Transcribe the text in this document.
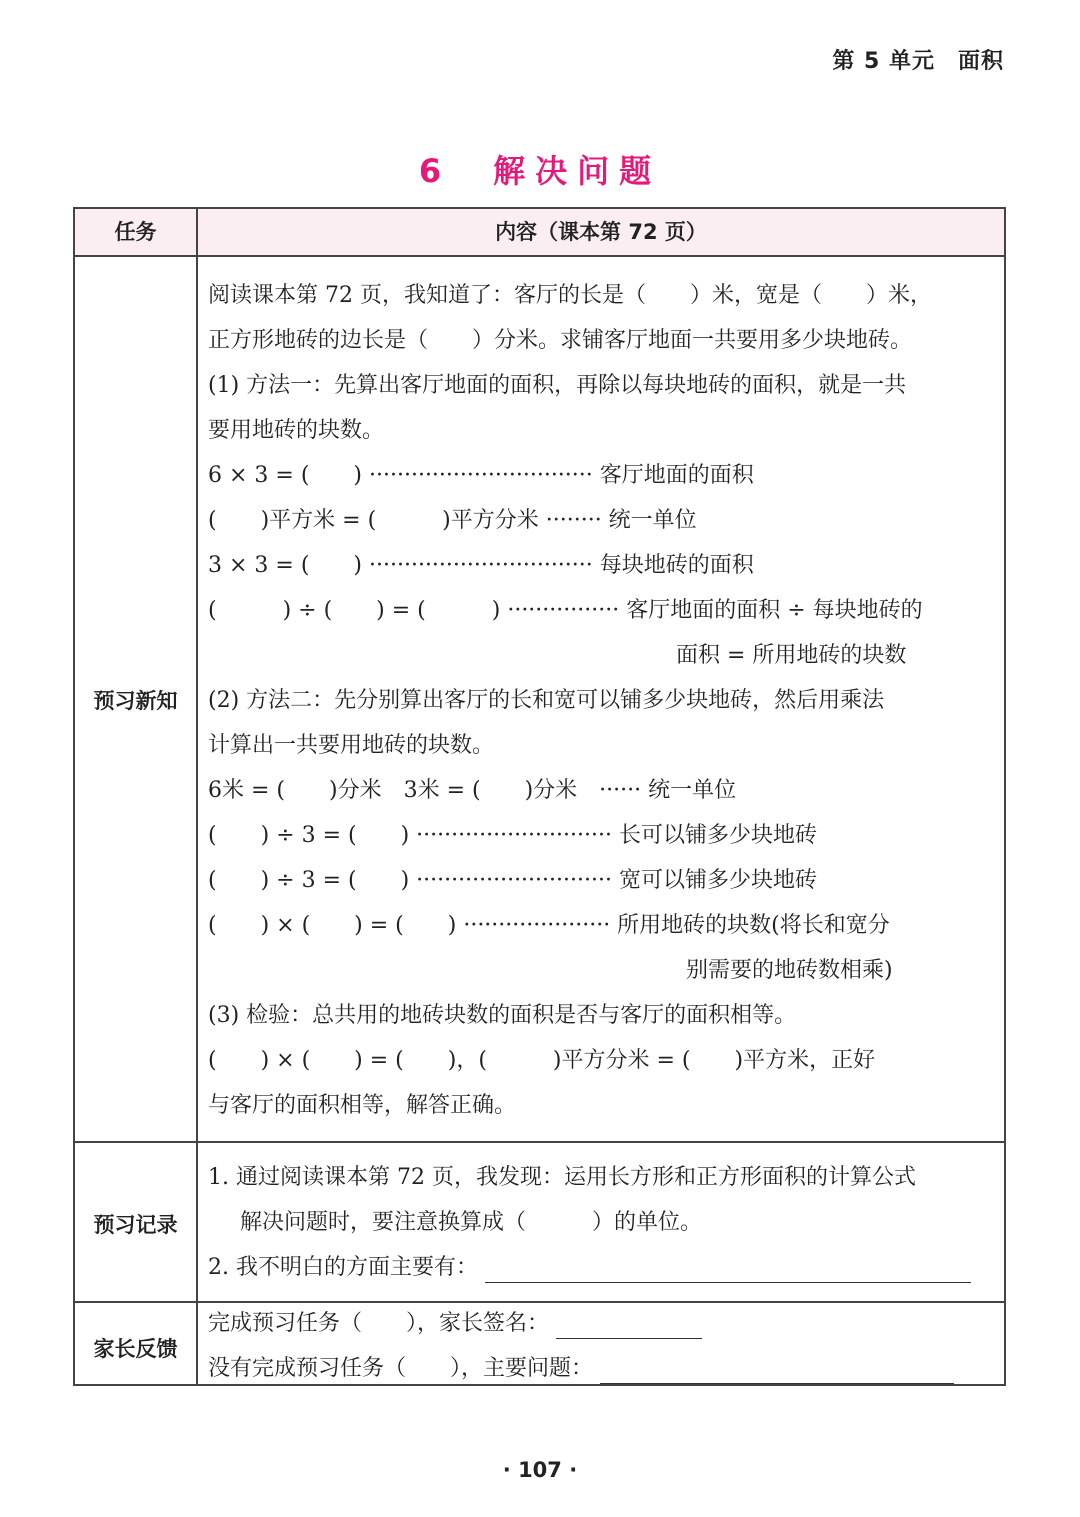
第 5 单元　面积
6　解决问题
任务	内容（课本第 72 页）
预习新知
预习记录
家长反馈
阅读课本第 72 页，我知道了：客厅的长是（　　）米，宽是（　　）米，
正方形地砖的边长是（　　）分米。求铺客厅地面一共要用多少块地砖。
(1) 方法一：先算出客厅地面的面积，再除以每块地砖的面积，就是一共
要用地砖的块数。
6 × 3 = (　　) ································ 客厅地面的面积
(　　)平方米 = (　　　)平方分米 ········ 统一单位
3 × 3 = (　　) ································ 每块地砖的面积
(　　　) ÷ (　　) = (　　　) ················ 客厅地面的面积 ÷ 每块地砖的
面积 = 所用地砖的块数
(2) 方法二：先分别算出客厅的长和宽可以铺多少块地砖，然后用乘法
计算出一共要用地砖的块数。
6米 = (　　)分米　3米 = (　　)分米　······ 统一单位
(　　) ÷ 3 = (　　) ···························· 长可以铺多少块地砖
(　　) ÷ 3 = (　　) ···························· 宽可以铺多少块地砖
(　　) × (　　) = (　　) ····················· 所用地砖的块数(将长和宽分
别需要的地砖数相乘)
(3) 检验：总共用的地砖块数的面积是否与客厅的面积相等。
(　　) × (　　) = (　　)，(　　　)平方分米 = (　　)平方米，正好
与客厅的面积相等，解答正确。
1. 通过阅读课本第 72 页，我发现：运用长方形和正方形面积的计算公式
解决问题时，要注意换算成（　　　）的单位。
2. 我不明白的方面主要有：
完成预习任务（　　），家长签名：
没有完成预习任务（　　），主要问题：
· 107 ·
